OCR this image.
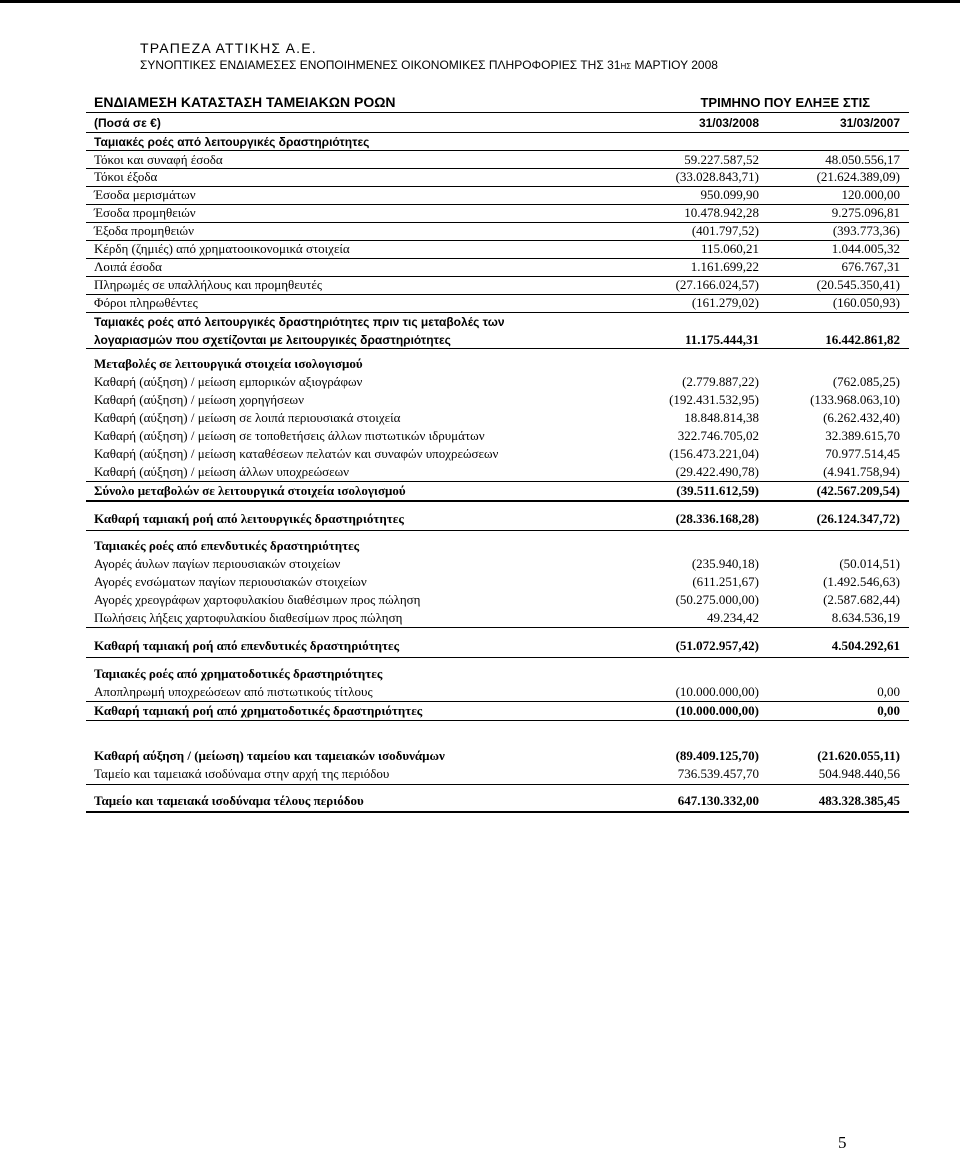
ΤΡΑΠΕΖΑ ΑΤΤΙΚΗΣ Α.Ε.
ΣΥΝΟΠΤΙΚΕΣ ΕΝΔΙΑΜΕΣΕΣ ΕΝΟΠΟΙΗΜΕΝΕΣ ΟΙΚΟΝΟΜΙΚΕΣ ΠΛΗΡΟΦΟΡΙΕΣ ΤΗΣ 31ΗΣ ΜΑΡΤΙΟΥ 2008
ΕΝΔΙΑΜΕΣΗ ΚΑΤΑΣΤΑΣΗ ΤΑΜΕΙΑΚΩΝ ΡΟΩΝ	ΤΡΙΜΗΝΟ ΠΟΥ ΕΛΗΞΕ ΣΤΙΣ
(Ποσά σε €)	31/03/2008	31/03/2007
Ταμιακές ροές από λειτουργικές δραστηριότητες
Τόκοι και συναφή έσοδα	59.227.587,52	48.050.556,17
Τόκοι έξοδα	(33.028.843,71)	(21.624.389,09)
Έσοδα μερισμάτων	950.099,90	120.000,00
Έσοδα προμηθειών	10.478.942,28	9.275.096,81
Έξοδα προμηθειών	(401.797,52)	(393.773,36)
Κέρδη (ζημιές) από χρηματοοικονομικά στοιχεία	115.060,21	1.044.005,32
Λοιπά έσοδα	1.161.699,22	676.767,31
Πληρωμές σε υπαλλήλους και προμηθευτές	(27.166.024,57)	(20.545.350,41)
Φόροι πληρωθέντες	(161.279,02)	(160.050,93)
Ταμιακές ροές από λειτουργικές δραστηριότητες πριν τις μεταβολές των
λογαριασμών που σχετίζονται με λειτουργικές δραστηριότητες	11.175.444,31	16.442.861,82
Μεταβολές σε λειτουργικά στοιχεία ισολογισμού
Καθαρή (αύξηση) / μείωση εμπορικών αξιογράφων	(2.779.887,22)	(762.085,25)
Καθαρή (αύξηση) / μείωση χορηγήσεων	(192.431.532,95)	(133.968.063,10)
Καθαρή (αύξηση) / μείωση σε λοιπά περιουσιακά στοιχεία	18.848.814,38	(6.262.432,40)
Καθαρή (αύξηση) / μείωση σε τοποθετήσεις άλλων πιστωτικών ιδρυμάτων	322.746.705,02	32.389.615,70
Καθαρή (αύξηση) / μείωση καταθέσεων πελατών και συναφών υποχρεώσεων	(156.473.221,04)	70.977.514,45
Καθαρή (αύξηση) / μείωση άλλων υποχρεώσεων	(29.422.490,78)	(4.941.758,94)
Σύνολο μεταβολών σε λειτουργικά στοιχεία ισολογισμού	(39.511.612,59)	(42.567.209,54)
Καθαρή ταμιακή ροή από λειτουργικές δραστηριότητες	(28.336.168,28)	(26.124.347,72)
Ταμιακές ροές από επενδυτικές δραστηριότητες
Αγορές άυλων παγίων περιουσιακών στοιχείων	(235.940,18)	(50.014,51)
Αγορές ενσώματων παγίων περιουσιακών στοιχείων	(611.251,67)	(1.492.546,63)
Αγορές χρεογράφων χαρτοφυλακίου διαθέσιμων προς πώληση	(50.275.000,00)	(2.587.682,44)
Πωλήσεις λήξεις χαρτοφυλακίου διαθεσίμων προς πώληση	49.234,42	8.634.536,19
Καθαρή ταμιακή ροή από επενδυτικές δραστηριότητες	(51.072.957,42)	4.504.292,61
Ταμιακές ροές από χρηματοδοτικές δραστηριότητες
Αποπληρωμή υποχρεώσεων από πιστωτικούς τίτλους	(10.000.000,00)	0,00
Καθαρή ταμιακή ροή από χρηματοδοτικές δραστηριότητες	(10.000.000,00)	0,00
Καθαρή αύξηση / (μείωση) ταμείου και ταμειακών ισοδυνάμων	(89.409.125,70)	(21.620.055,11)
Ταμείο και ταμειακά ισοδύναμα στην αρχή της περιόδου	736.539.457,70	504.948.440,56
Ταμείο και ταμειακά ισοδύναμα τέλους περιόδου	647.130.332,00	483.328.385,45
5
